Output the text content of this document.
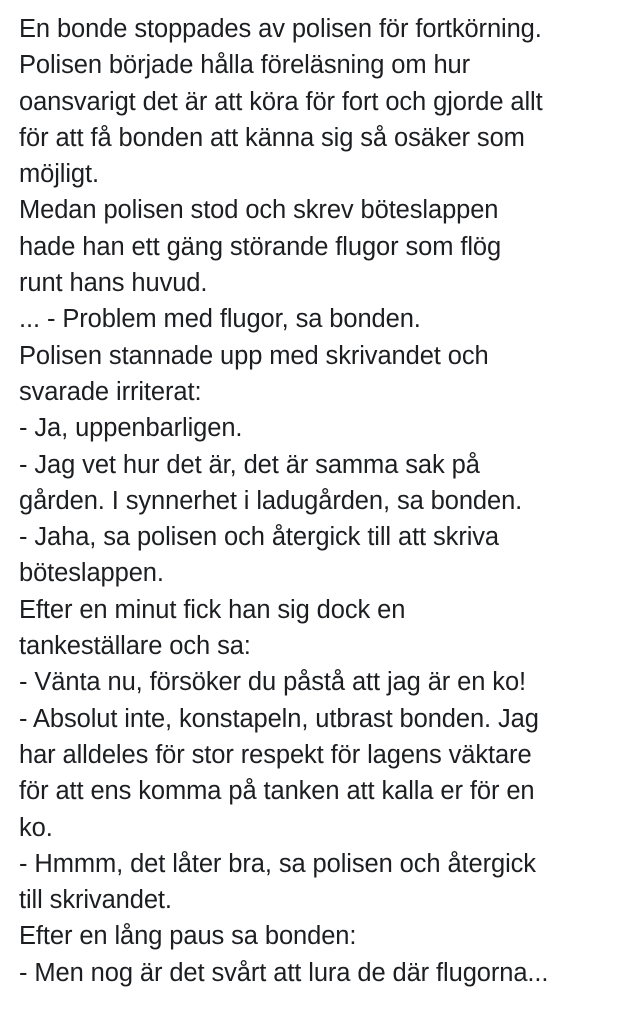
En bonde stoppades av polisen för fortkörning.
Polisen började hålla föreläsning om hur
oansvarigt det är att köra för fort och gjorde allt
för att få bonden att känna sig så osäker som
möjligt.
Medan polisen stod och skrev böteslappen
hade han ett gäng störande flugor som flög
runt hans huvud.
... - Problem med flugor, sa bonden.
Polisen stannade upp med skrivandet och
svarade irriterat:
- Ja, uppenbarligen.
- Jag vet hur det är, det är samma sak på
gården. I synnerhet i ladugården, sa bonden.
- Jaha, sa polisen och återgick till att skriva
böteslappen.
Efter en minut fick han sig dock en
tankeställare och sa:
- Vänta nu, försöker du påstå att jag är en ko!
- Absolut inte, konstapeln, utbrast bonden. Jag
har alldeles för stor respekt för lagens väktare
för att ens komma på tanken att kalla er för en
ko.
- Hmmm, det låter bra, sa polisen och återgick
till skrivandet.
Efter en lång paus sa bonden:
- Men nog är det svårt att lura de där flugorna...
